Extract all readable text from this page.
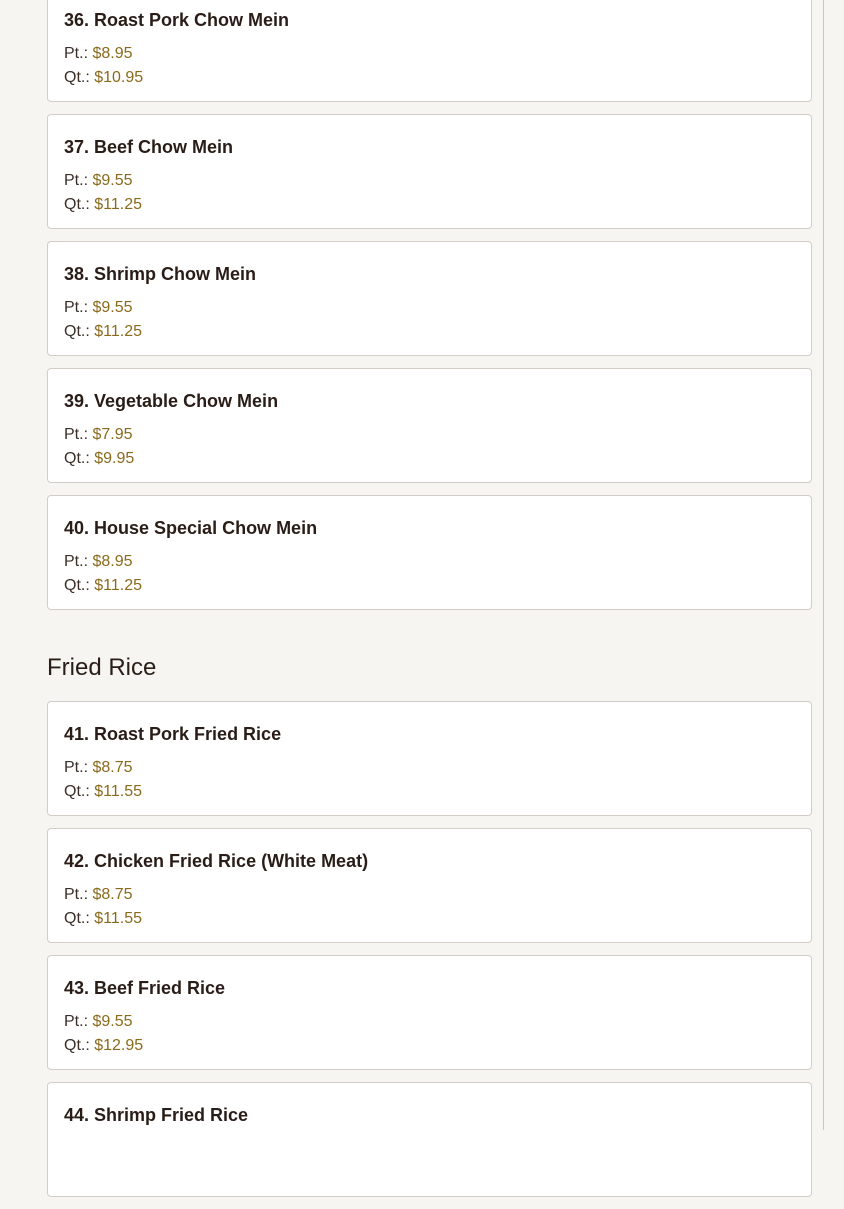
36. Roast Pork Chow Mein
Pt.: $8.95
Qt.: $10.95
37. Beef Chow Mein
Pt.: $9.55
Qt.: $11.25
38. Shrimp Chow Mein
Pt.: $9.55
Qt.: $11.25
39. Vegetable Chow Mein
Pt.: $7.95
Qt.: $9.95
40. House Special Chow Mein
Pt.: $8.95
Qt.: $11.25
Fried Rice
41. Roast Pork Fried Rice
Pt.: $8.75
Qt.: $11.55
42. Chicken Fried Rice (White Meat)
Pt.: $8.75
Qt.: $11.55
43. Beef Fried Rice
Pt.: $9.55
Qt.: $12.95
44. Shrimp Fried Rice
